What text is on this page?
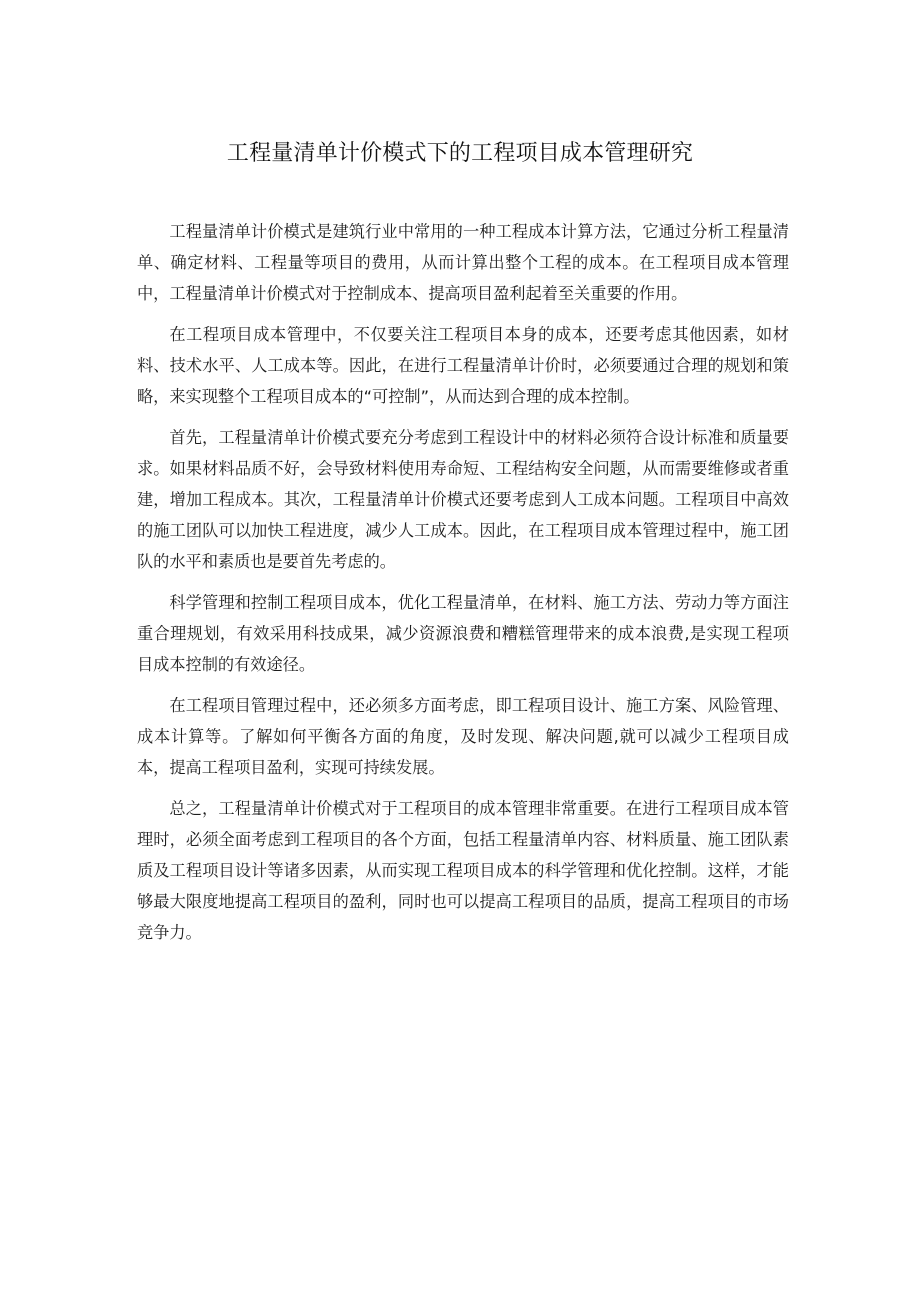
工程量清单计价模式下的工程项目成本管理研究

工程量清单计价模式是建筑行业中常用的一种工程成本计算方法，它通过分析工程量清单、确定材料、工程量等项目的费用，从而计算出整个工程的成本。在工程项目成本管理中，工程量清单计价模式对于控制成本、提高项目盈利起着至关重要的作用。

在工程项目成本管理中，不仅要关注工程项目本身的成本，还要考虑其他因素，如材料、技术水平、人工成本等。因此，在进行工程量清单计价时，必须要通过合理的规划和策略，来实现整个工程项目成本的“可控制”，从而达到合理的成本控制。

首先，工程量清单计价模式要充分考虑到工程设计中的材料必须符合设计标准和质量要求。如果材料品质不好，会导致材料使用寿命短、工程结构安全问题，从而需要维修或者重建，增加工程成本。其次，工程量清单计价模式还要考虑到人工成本问题。工程项目中高效的施工团队可以加快工程进度，减少人工成本。因此，在工程项目成本管理过程中，施工团队的水平和素质也是要首先考虑的。

科学管理和控制工程项目成本，优化工程量清单，在材料、施工方法、劳动力等方面注重合理规划，有效采用科技成果，减少资源浪费和糟糕管理带来的成本浪费,是实现工程项目成本控制的有效途径。

在工程项目管理过程中，还必须多方面考虑，即工程项目设计、施工方案、风险管理、成本计算等。了解如何平衡各方面的角度，及时发现、解决问题,就可以减少工程项目成本，提高工程项目盈利，实现可持续发展。

总之，工程量清单计价模式对于工程项目的成本管理非常重要。在进行工程项目成本管理时，必须全面考虑到工程项目的各个方面，包括工程量清单内容、材料质量、施工团队素质及工程项目设计等诸多因素，从而实现工程项目成本的科学管理和优化控制。这样，才能够最大限度地提高工程项目的盈利，同时也可以提高工程项目的品质，提高工程项目的市场竞争力。
